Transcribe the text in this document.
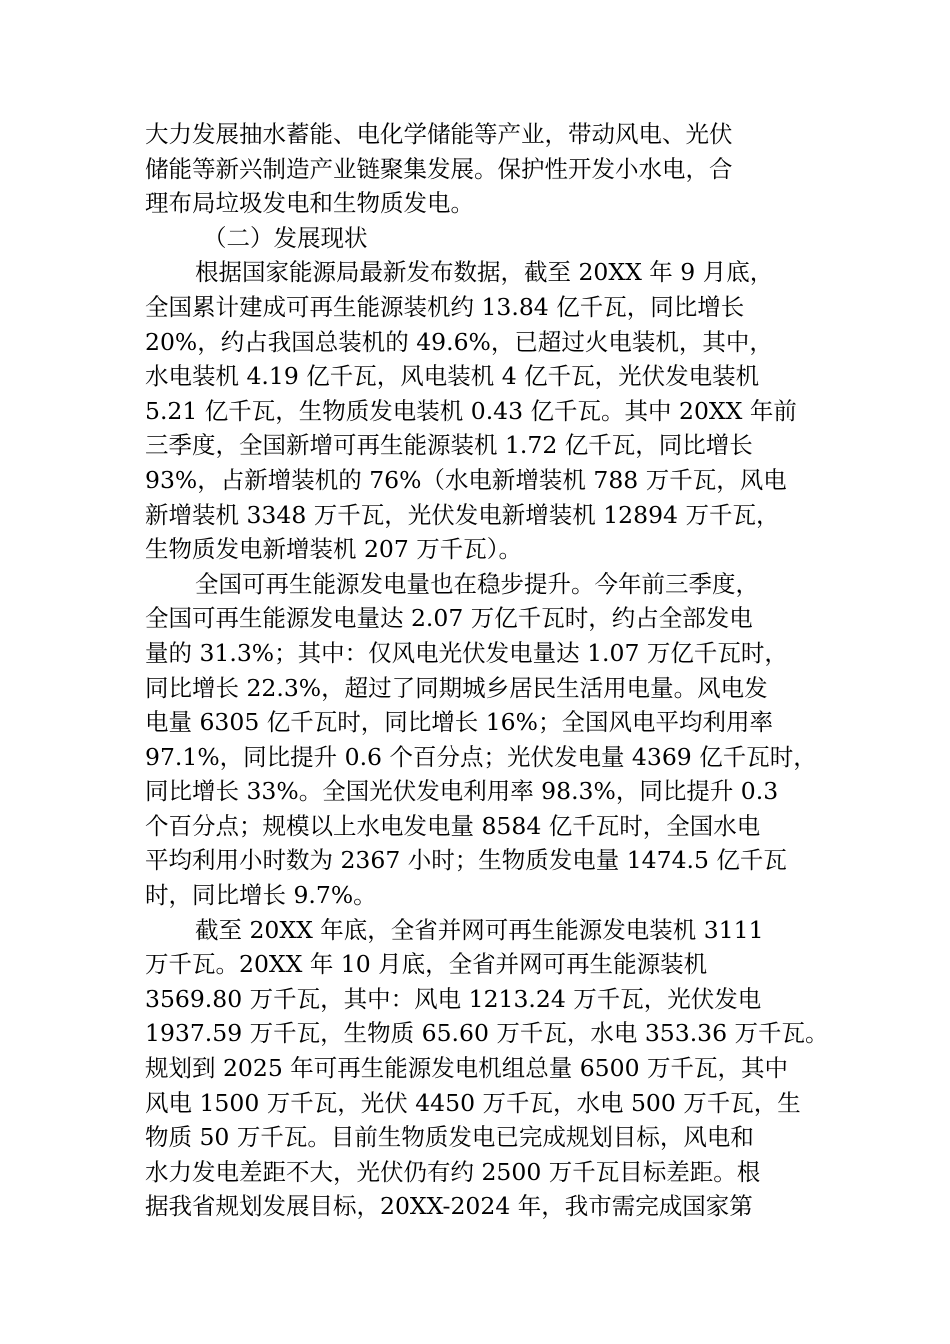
大力发展抽水蓄能、电化学储能等产业，带动风电、光伏
储能等新兴制造产业链聚集发展。保护性开发小水电，合
理布局垃圾发电和生物质发电。
（二）发展现状
根据国家能源局最新发布数据，截至 20XX 年 9 月底，
全国累计建成可再生能源装机约 13.84 亿千瓦，同比增长
20%，约占我国总装机的 49.6%，已超过火电装机，其中，
水电装机 4.19 亿千瓦，风电装机 4 亿千瓦，光伏发电装机
5.21 亿千瓦，生物质发电装机 0.43 亿千瓦。其中 20XX 年前
三季度，全国新增可再生能源装机 1.72 亿千瓦，同比增长
93%，占新增装机的 76%（水电新增装机 788 万千瓦，风电
新增装机 3348 万千瓦，光伏发电新增装机 12894 万千瓦，
生物质发电新增装机 207 万千瓦）。
全国可再生能源发电量也在稳步提升。今年前三季度，
全国可再生能源发电量达 2.07 万亿千瓦时，约占全部发电
量的 31.3%；其中：仅风电光伏发电量达 1.07 万亿千瓦时，
同比增长 22.3%，超过了同期城乡居民生活用电量。风电发
电量 6305 亿千瓦时，同比增长 16%；全国风电平均利用率
97.1%，同比提升 0.6 个百分点；光伏发电量 4369 亿千瓦时，
同比增长 33%。全国光伏发电利用率 98.3%，同比提升 0.3
个百分点；规模以上水电发电量 8584 亿千瓦时，全国水电
平均利用小时数为 2367 小时；生物质发电量 1474.5 亿千瓦
时，同比增长 9.7%。
截至 20XX 年底，全省并网可再生能源发电装机 3111
万千瓦。20XX 年 10 月底，全省并网可再生能源装机
3569.80 万千瓦，其中：风电 1213.24 万千瓦，光伏发电
1937.59 万千瓦，生物质 65.60 万千瓦，水电 353.36 万千瓦。
规划到 2025 年可再生能源发电机组总量 6500 万千瓦，其中
风电 1500 万千瓦，光伏 4450 万千瓦，水电 500 万千瓦，生
物质 50 万千瓦。目前生物质发电已完成规划目标，风电和
水力发电差距不大，光伏仍有约 2500 万千瓦目标差距。根
据我省规划发展目标，20XX-2024 年，我市需完成国家第
